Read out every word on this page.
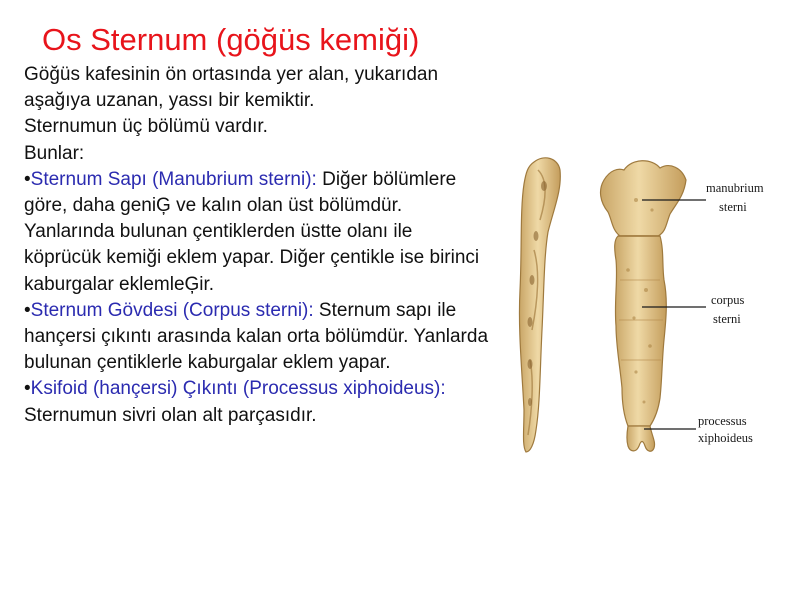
Os Sternum (göğüs kemiği)

Göğüs kafesinin ön ortasında yer alan, yukarıdan aşağıya uzanan, yassı bir kemiktir.

Sternumun üç bölümü vardır.

Bunlar:

•Sternum Sapı (Manubrium sterni): Diğer bölümlere göre, daha geniĢ ve kalın olan üst bölümdür. Yanlarında bulunan çentiklerden üstte olanı ile köprücük kemiği eklem yapar. Diğer çentikle ise birinci kaburgalar eklemleĢir.

•Sternum Gövdesi (Corpus sterni): Sternum sapı ile hançersi çıkıntı arasında kalan orta bölümdür. Yanlarda bulunan çentiklerle kaburgalar eklem yapar.

•Ksifoid (hançersi) Çıkıntı (Processus xiphoideus): Sternumun sivri olan alt parçasıdır.

manubrium
sterni
corpus
sterni
processus
xiphoideus
